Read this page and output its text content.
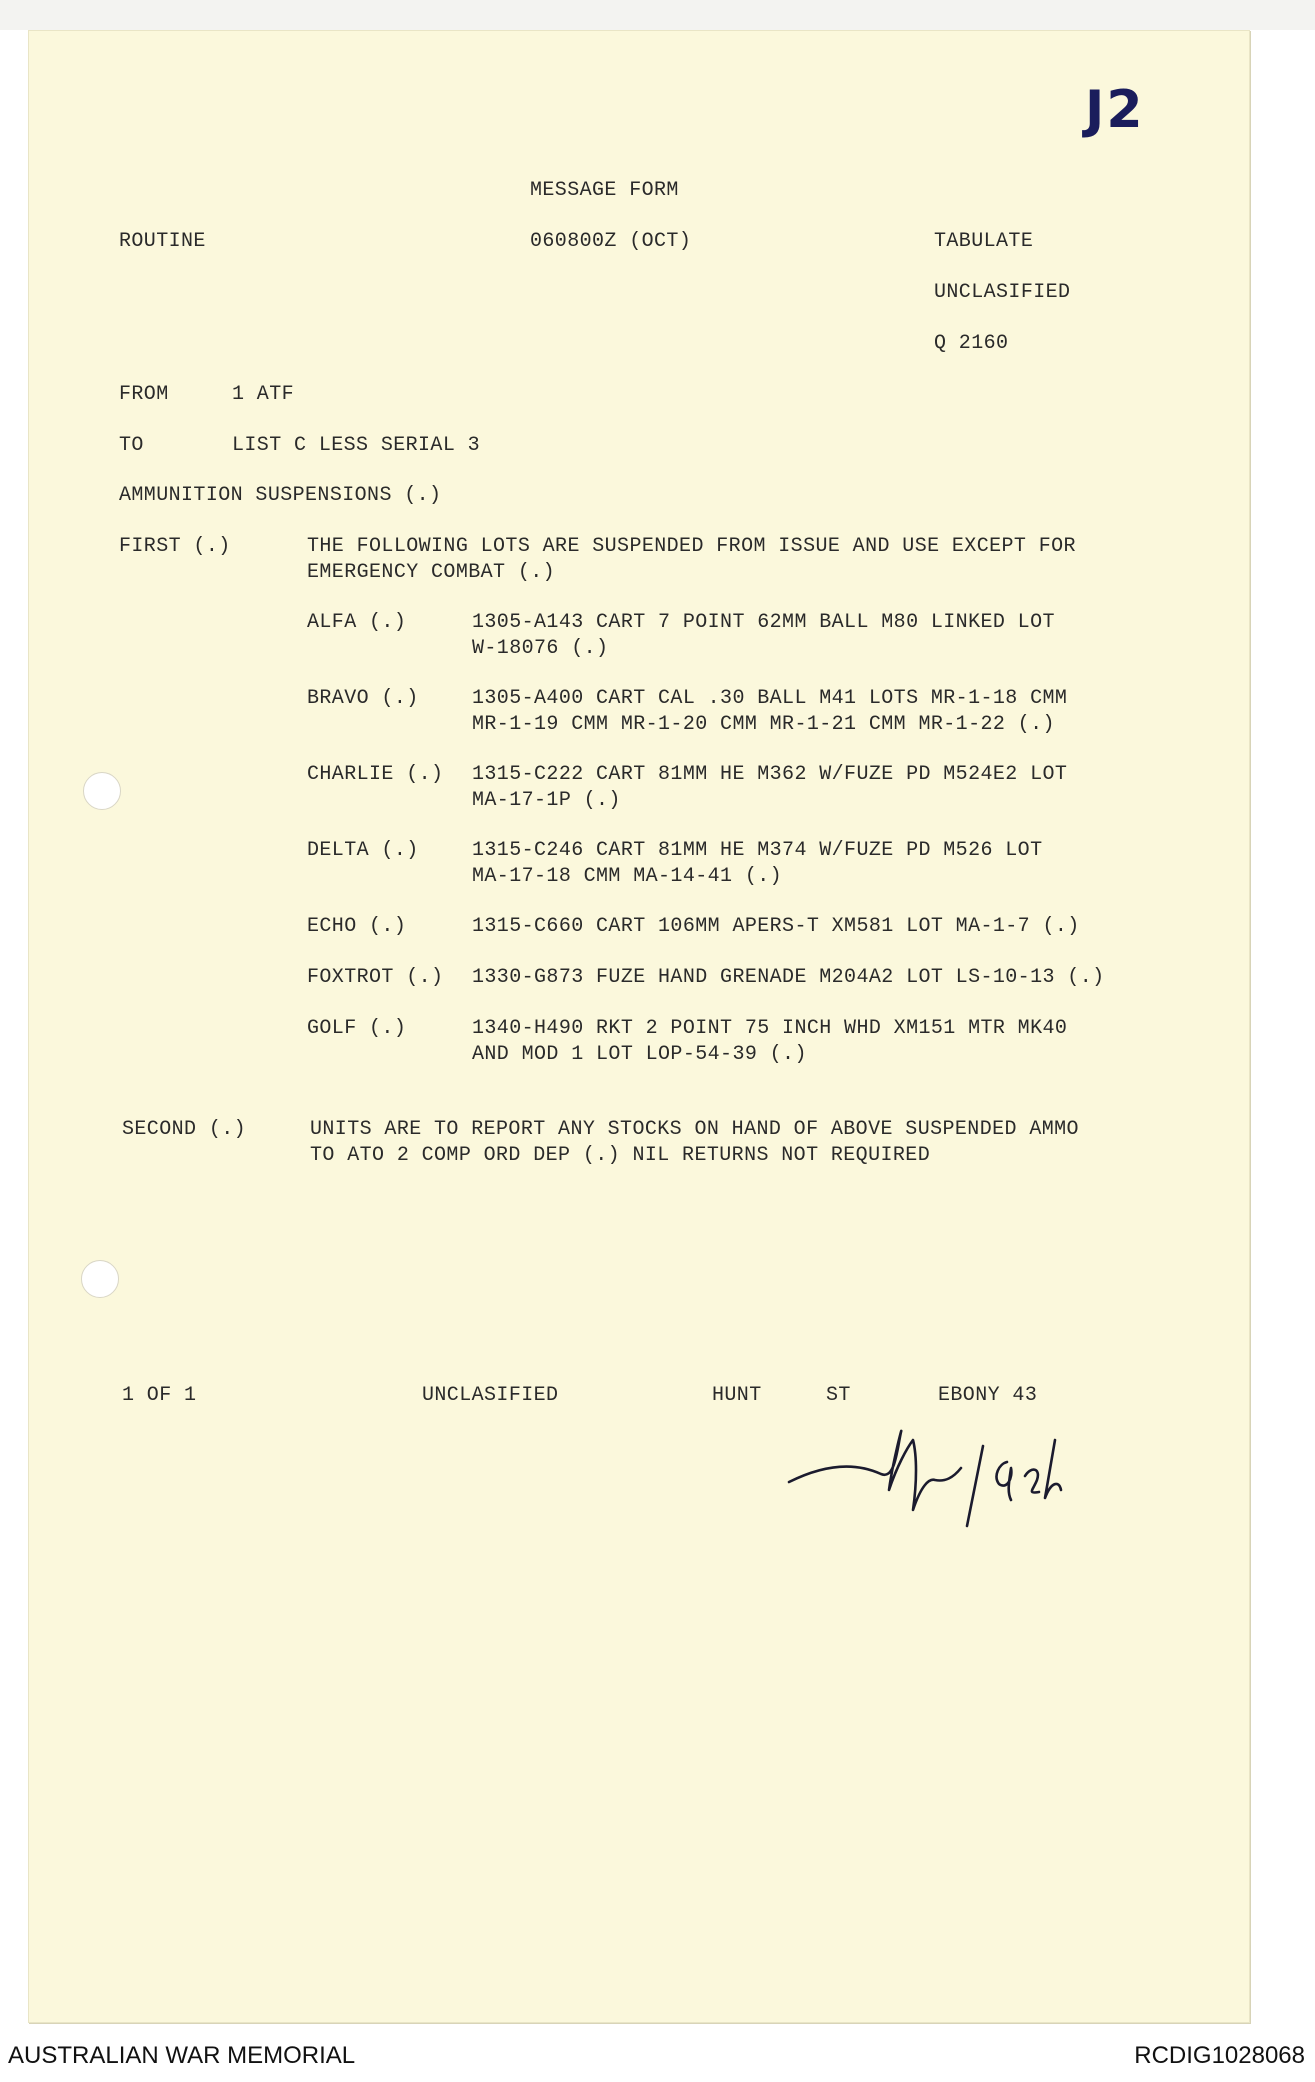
J2
MESSAGE FORM
ROUTINE	060800Z (OCT)	TABULATE
UNCLASIFIED
Q 2160
FROM	1 ATF
TO	LIST C LESS SERIAL 3
AMMUNITION SUSPENSIONS (.)
FIRST (.)	THE FOLLOWING LOTS ARE SUSPENDED FROM ISSUE AND USE EXCEPT FOR
EMERGENCY COMBAT (.)
ALFA (.)	1305-A143 CART 7 POINT 62MM BALL M80 LINKED LOT
W-18076 (.)
BRAVO (.)	1305-A400 CART CAL .30 BALL M41 LOTS MR-1-18 CMM
MR-1-19 CMM MR-1-20 CMM MR-1-21 CMM MR-1-22 (.)
CHARLIE (.) 1315-C222 CART 81MM HE M362 W/FUZE PD M524E2 LOT
MA-17-1P (.)
DELTA (.)	1315-C246 CART 81MM HE M374 W/FUZE PD M526 LOT
MA-17-18 CMM MA-14-41 (.)
ECHO (.)	1315-C660 CART 106MM APERS-T XM581 LOT MA-1-7 (.)
FOXTROT (.) 1330-G873 FUZE HAND GRENADE M204A2 LOT LS-10-13 (.)
GOLF (.)	1340-H490 RKT 2 POINT 75 INCH WHD XM151 MTR MK40
AND MOD 1 LOT LOP-54-39 (.)
SECOND (.)	UNITS ARE TO REPORT ANY STOCKS ON HAND OF ABOVE SUSPENDED AMMO
TO ATO 2 COMP ORD DEP (.) NIL RETURNS NOT REQUIRED
1 OF 1	UNCLASIFIED	HUNT	ST	EBONY 43
AUSTRALIAN WAR MEMORIAL	RCDIG1028068
